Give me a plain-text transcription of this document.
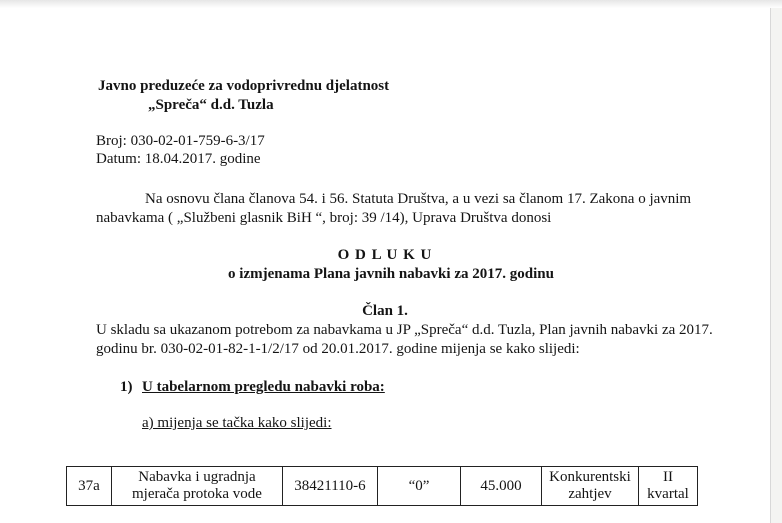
Javno preduzeće za vodoprivrednu djelatnost
„Spreča“ d.d. Tuzla
Broj: 030-02-01-759-6-3/17
Datum: 18.04.2017. godine
Na osnovu člana članova 54. i 56. Statuta Društva, a u vezi sa članom 17. Zakona o javnim
nabavkama ( „Službeni glasnik BiH “, broj: 39 /14), Uprava Društva donosi
O D L U K U
o izmjenama Plana javnih nabavki za 2017. godinu
Član 1.
U skladu sa ukazanom potrebom za nabavkama u JP „Spreča“ d.d. Tuzla, Plan javnih nabavki za 2017.
godinu br. 030-02-01-82-1-1/2/17 od 20.01.2017. godine mijenja se kako slijedi:
1) U tabelarnom pregledu nabavki roba:
a) mijenja se tačka kako slijedi:
37a	Nabavka i ugradnja mjerača protoka vode	38421110-6	“0”	45.000	Konkurentski zahtjev	II kvartal
